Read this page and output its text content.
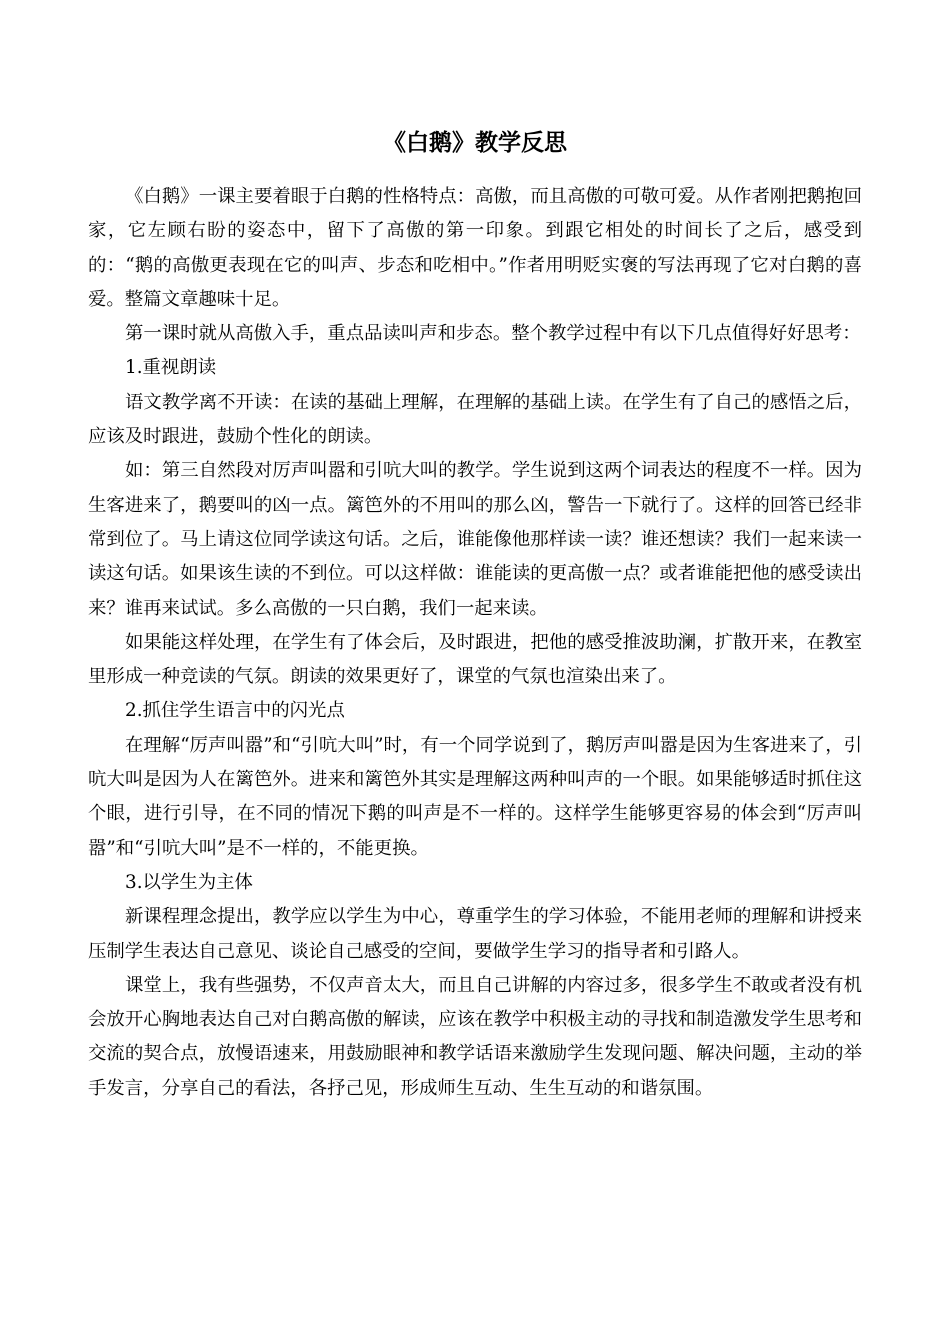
《白鹅》教学反思

《白鹅》一课主要着眼于白鹅的性格特点：高傲，而且高傲的可敬可爱。从作者刚把鹅抱回家，它左顾右盼的姿态中，留下了高傲的第一印象。到跟它相处的时间长了之后，感受到的：“鹅的高傲更表现在它的叫声、步态和吃相中。”作者用明贬实褒的写法再现了它对白鹅的喜爱。整篇文章趣味十足。

第一课时就从高傲入手，重点品读叫声和步态。整个教学过程中有以下几点值得好好思考：

1.重视朗读

语文教学离不开读：在读的基础上理解，在理解的基础上读。在学生有了自己的感悟之后，应该及时跟进，鼓励个性化的朗读。

如：第三自然段对厉声叫嚣和引吭大叫的教学。学生说到这两个词表达的程度不一样。因为生客进来了，鹅要叫的凶一点。篱笆外的不用叫的那么凶，警告一下就行了。这样的回答已经非常到位了。马上请这位同学读这句话。之后，谁能像他那样读一读？谁还想读？我们一起来读一读这句话。如果该生读的不到位。可以这样做：谁能读的更高傲一点？或者谁能把他的感受读出来？谁再来试试。多么高傲的一只白鹅，我们一起来读。

如果能这样处理，在学生有了体会后，及时跟进，把他的感受推波助澜，扩散开来，在教室里形成一种竞读的气氛。朗读的效果更好了，课堂的气氛也渲染出来了。

2.抓住学生语言中的闪光点

在理解“厉声叫嚣”和“引吭大叫”时，有一个同学说到了，鹅厉声叫嚣是因为生客进来了，引吭大叫是因为人在篱笆外。进来和篱笆外其实是理解这两种叫声的一个眼。如果能够适时抓住这个眼，进行引导，在不同的情况下鹅的叫声是不一样的。这样学生能够更容易的体会到“厉声叫嚣”和“引吭大叫”是不一样的，不能更换。

3.以学生为主体

新课程理念提出，教学应以学生为中心，尊重学生的学习体验，不能用老师的理解和讲授来压制学生表达自己意见、谈论自己感受的空间，要做学生学习的指导者和引路人。

课堂上，我有些强势，不仅声音太大，而且自己讲解的内容过多，很多学生不敢或者没有机会放开心胸地表达自己对白鹅高傲的解读，应该在教学中积极主动的寻找和制造激发学生思考和交流的契合点，放慢语速来，用鼓励眼神和教学话语来激励学生发现问题、解决问题，主动的举手发言，分享自己的看法，各抒己见，形成师生互动、生生互动的和谐氛围。
